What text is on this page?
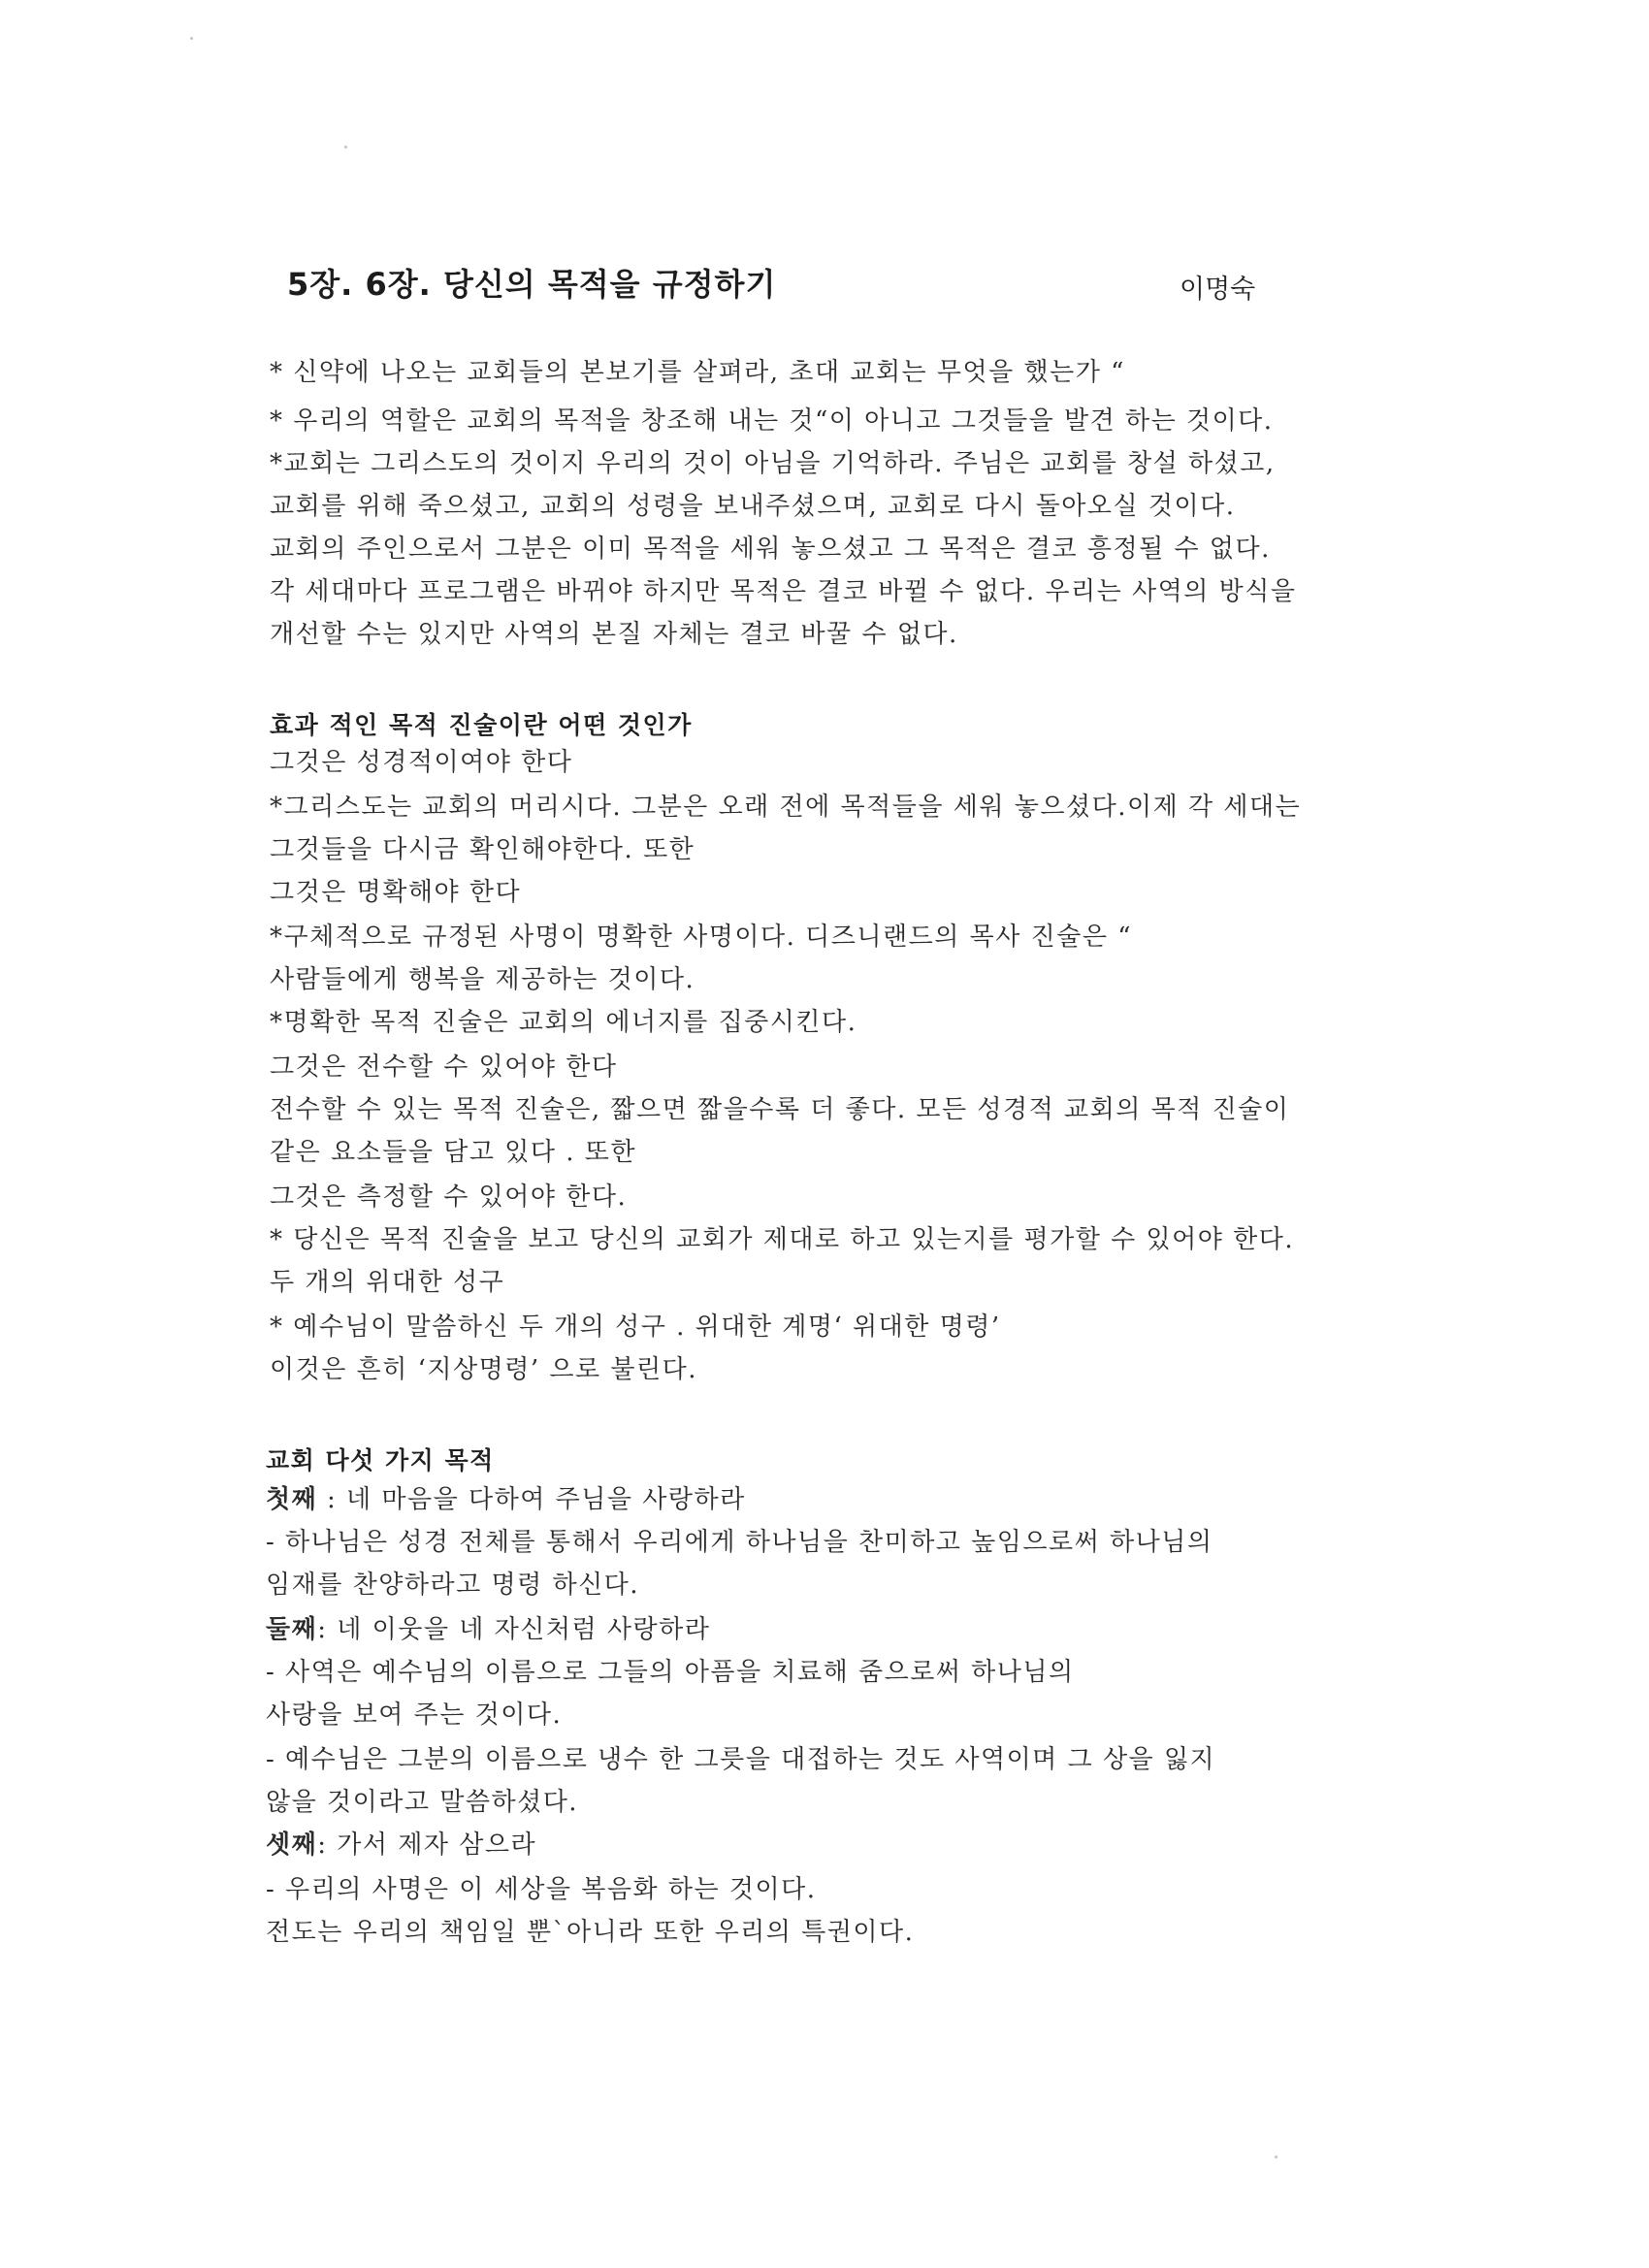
5장. 6장. 당신의 목적을 규정하기	이명숙
* 신약에 나오는 교회들의 본보기를 살펴라, 초대 교회는 무엇을 했는가 “
* 우리의 역할은 교회의 목적을 창조해 내는 것“이 아니고 그것들을 발견 하는 것이다.
*교회는 그리스도의 것이지 우리의 것이 아님을 기억하라. 주님은 교회를 창설 하셨고,
교회를 위해 죽으셨고, 교회의 성령을 보내주셨으며, 교회로 다시 돌아오실 것이다.
교회의 주인으로서 그분은 이미 목적을 세워 놓으셨고 그 목적은 결코 흥정될 수 없다.
각 세대마다 프로그램은 바뀌야 하지만 목적은 결코 바뀔 수 없다. 우리는 사역의 방식을
개선할 수는 있지만 사역의 본질 자체는 결코 바꿀 수 없다.
효과 적인 목적 진술이란 어떤 것인가
그것은 성경적이여야 한다
*그리스도는 교회의 머리시다. 그분은 오래 전에 목적들을 세워 놓으셨다.이제 각 세대는
그것들을 다시금 확인해야한다. 또한
그것은 명확해야 한다
*구체적으로 규정된 사명이 명확한 사명이다. 디즈니랜드의 목사 진술은 “
사람들에게 행복을 제공하는 것이다.
*명확한 목적 진술은 교회의 에너지를 집중시킨다.
그것은 전수할 수 있어야 한다
전수할 수 있는 목적 진술은, 짧으면 짧을수록 더 좋다. 모든 성경적 교회의 목적 진술이
같은 요소들을 담고 있다 . 또한
그것은 측정할 수 있어야 한다.
* 당신은 목적 진술을 보고 당신의 교회가 제대로 하고 있는지를 평가할 수 있어야 한다.
두 개의 위대한 성구
* 예수님이 말씀하신 두 개의 성구 . 위대한 계명‘ 위대한 명령’
이것은 흔히 ‘지상명령’ 으로 불린다.
교회 다섯 가지 목적
첫째 : 네 마음을 다하여 주님을 사랑하라
- 하나님은 성경 전체를 통해서 우리에게 하나님을 찬미하고 높임으로써 하나님의
임재를 찬양하라고 명령 하신다.
둘째: 네 이웃을 네 자신처럼 사랑하라
- 사역은 예수님의 이름으로 그들의 아픔을 치료해 줌으로써 하나님의
사랑을 보여 주는 것이다.
- 예수님은 그분의 이름으로 냉수 한 그릇을 대접하는 것도 사역이며 그 상을 잃지
않을 것이라고 말씀하셨다.
셋째: 가서 제자 삼으라
- 우리의 사명은 이 세상을 복음화 하는 것이다.
전도는 우리의 책임일 뿐`아니라 또한 우리의 특권이다.
